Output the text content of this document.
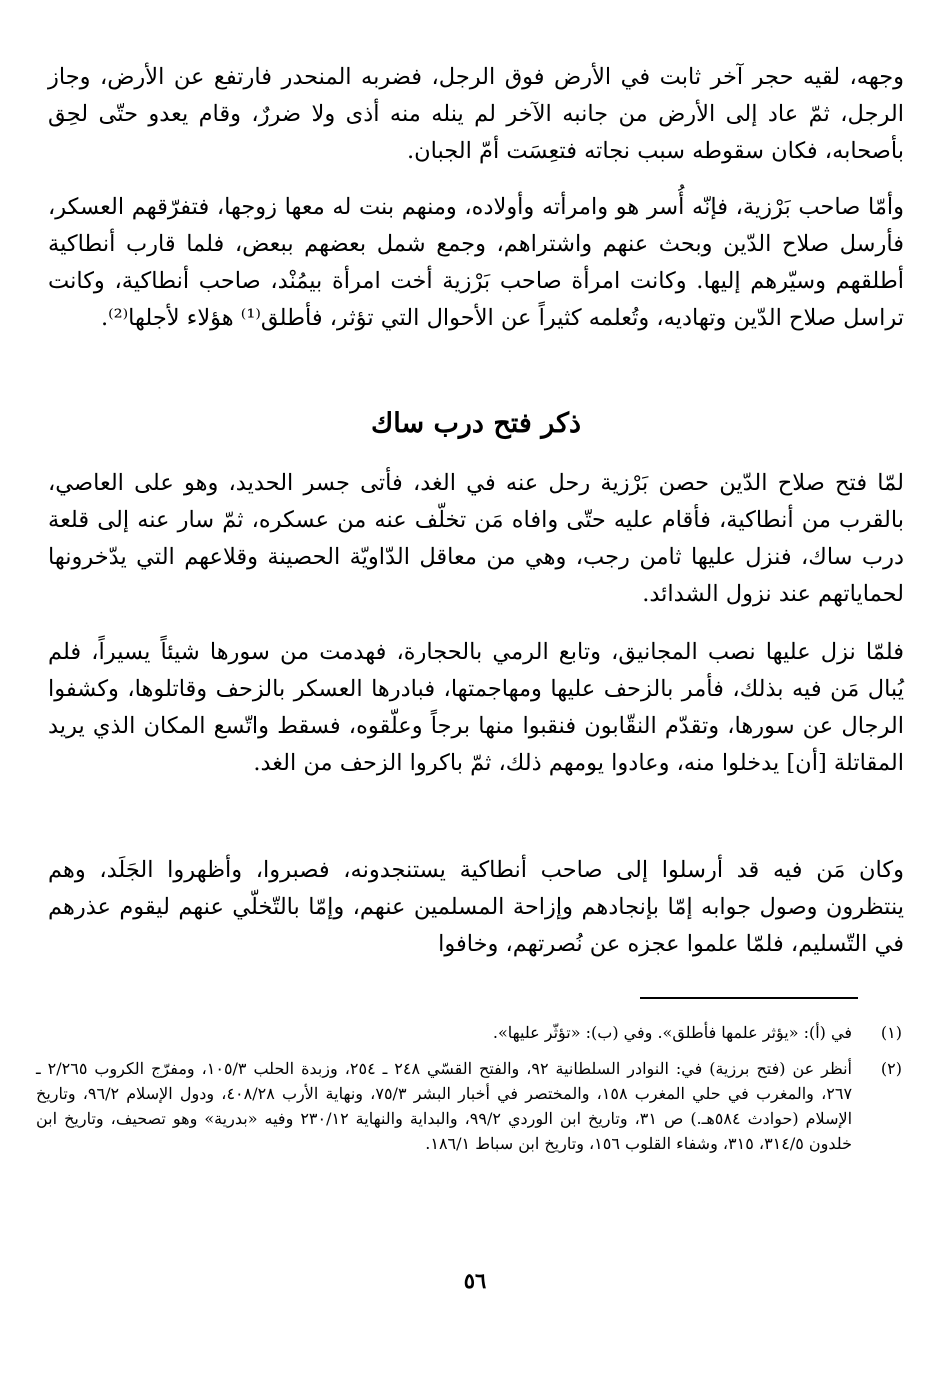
وجهه، لقيه حجر آخر ثابت في الأرض فوق الرجل، فضربه المنحدر فارتفع عن الأرض، وجاز الرجل، ثمّ عاد إلى الأرض من جانبه الآخر لم ينله منه أذى ولا ضررٌ، وقام يعدو حتّى لحِق بأصحابه، فكان سقوطه سبب نجاته فتعِسَت أمّ الجبان.

وأمّا صاحب بَرْزية، فإنّه أُسر هو وامرأته وأولاده، ومنهم بنت له معها زوجها، فتفرّقهم العسكر، فأرسل صلاح الدّين وبحث عنهم واشتراهم، وجمع شمل بعضهم ببعض، فلما قارب أنطاكية أطلقهم وسيّرهم إليها. وكانت امرأة صاحب بَرْزية أخت امرأة بيمُنْد، صاحب أنطاكية، وكانت تراسل صلاح الدّين وتهاديه، وتُعلمه كثيراً عن الأحوال التي تؤثر، فأطلق⁽¹⁾ هؤلاء لأجلها⁽²⁾.

ذكر فتح درب ساك

لمّا فتح صلاح الدّين حصن بَرْزية رحل عنه في الغد، فأتى جسر الحديد، وهو على العاصي، بالقرب من أنطاكية، فأقام عليه حتّى وافاه مَن تخلّف عنه من عسكره، ثمّ سار عنه إلى قلعة درب ساك، فنزل عليها ثامن رجب، وهي من معاقل الدّاويّة الحصينة وقلاعهم التي يدّخرونها لحماياتهم عند نزول الشدائد.

فلمّا نزل عليها نصب المجانيق، وتابع الرمي بالحجارة، فهدمت من سورها شيئاً يسيراً، فلم يُبال مَن فيه بذلك، فأمر بالزحف عليها ومهاجمتها، فبادرها العسكر بالزحف وقاتلوها، وكشفوا الرجال عن سورها، وتقدّم النقّابون فنقبوا منها برجاً وعلّقوه، فسقط واتّسع المكان الذي يريد المقاتلة [أن] يدخلوا منه، وعادوا يومهم ذلك، ثمّ باكروا الزحف من الغد.

وكان مَن فيه قد أرسلوا إلى صاحب أنطاكية يستنجدونه، فصبروا، وأظهروا الجَلَد، وهم ينتظرون وصول جوابه إمّا بإنجادهم وإزاحة المسلمين عنهم، وإمّا بالتّخلّي عنهم ليقوم عذرهم في التّسليم، فلمّا علموا عجزه عن نُصرتهم، وخافوا

(١)
في (أ): «يؤثر علمها فأطلق». وفي (ب): «تؤثّر عليها».
(٢)
أنظر عن (فتح برزية) في: النوادر السلطانية ٩٢، والفتح القسّي ٢٤٨ ـ ٢٥٤، وزبدة الحلب ١٠٥/٣، ومفرّج الكروب ٢/٢٦٥ ـ ٢٦٧، والمغرب في حلي المغرب ١٥٨، والمختصر في أخبار البشر ٧٥/٣، ونهاية الأرب ٤٠٨/٢٨، ودول الإسلام ٩٦/٢، وتاريخ الإسلام (حوادث ٥٨٤هـ.) ص ٣١، وتاريخ ابن الوردي ٩٩/٢، والبداية والنهاية ٢٣٠/١٢ وفيه «بدرية» وهو تصحيف، وتاريخ ابن خلدون ٣١٤/٥، ٣١٥، وشفاء القلوب ١٥٦، وتاريخ ابن سباط ١٨٦/١.
٥٦
